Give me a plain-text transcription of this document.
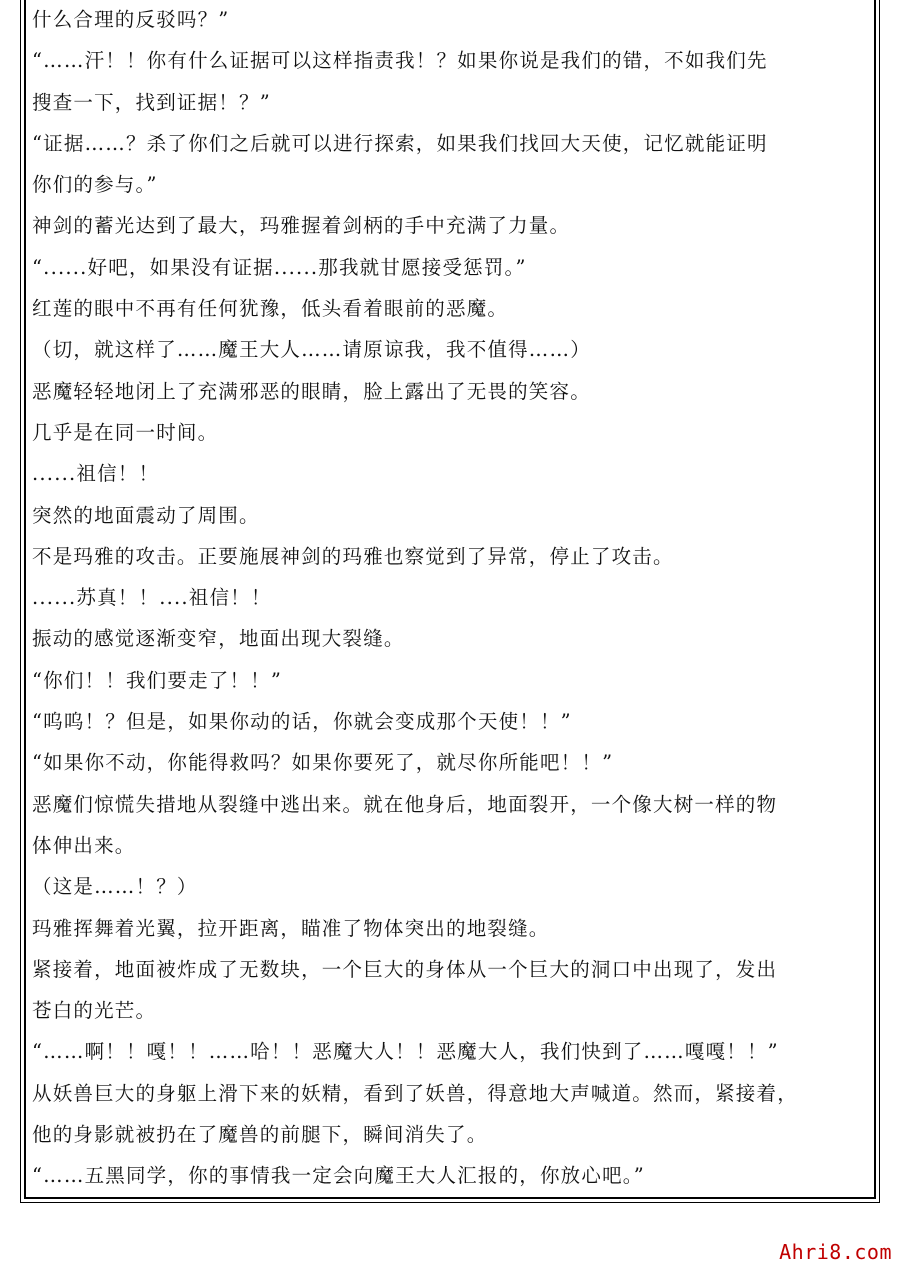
什么合理的反驳吗？”
“……汗！！你有什么证据可以这样指责我！？如果你说是我们的错，不如我们先
搜查一下，找到证据！？”
“证据……？杀了你们之后就可以进行探索，如果我们找回大天使，记忆就能证明
你们的参与。”
神剑的蓄光达到了最大，玛雅握着剑柄的手中充满了力量。
“......好吧，如果没有证据......那我就甘愿接受惩罚。”
红莲的眼中不再有任何犹豫，低头看着眼前的恶魔。
（切，就这样了……魔王大人……请原谅我，我不值得……）
恶魔轻轻地闭上了充满邪恶的眼睛，脸上露出了无畏的笑容。
几乎是在同一时间。
......祖信！！
突然的地面震动了周围。
不是玛雅的攻击。正要施展神剑的玛雅也察觉到了异常，停止了攻击。
......苏真！！....祖信！！
振动的感觉逐渐变窄，地面出现大裂缝。
“你们！！我们要走了！！”
“呜呜！？但是，如果你动的话，你就会变成那个天使！！”
“如果你不动，你能得救吗？如果你要死了，就尽你所能吧！！”
恶魔们惊慌失措地从裂缝中逃出来。就在他身后，地面裂开，一个像大树一样的物
体伸出来。
（这是……！？）
玛雅挥舞着光翼，拉开距离，瞄准了物体突出的地裂缝。
紧接着，地面被炸成了无数块，一个巨大的身体从一个巨大的洞口中出现了，发出
苍白的光芒。
“……啊！！嘎！！……哈！！恶魔大人！！恶魔大人，我们快到了……嘎嘎！！”
从妖兽巨大的身躯上滑下来的妖精，看到了妖兽，得意地大声喊道。然而，紧接着，
他的身影就被扔在了魔兽的前腿下，瞬间消失了。
“……五黑同学，你的事情我一定会向魔王大人汇报的，你放心吧。”
Ahri8.com
